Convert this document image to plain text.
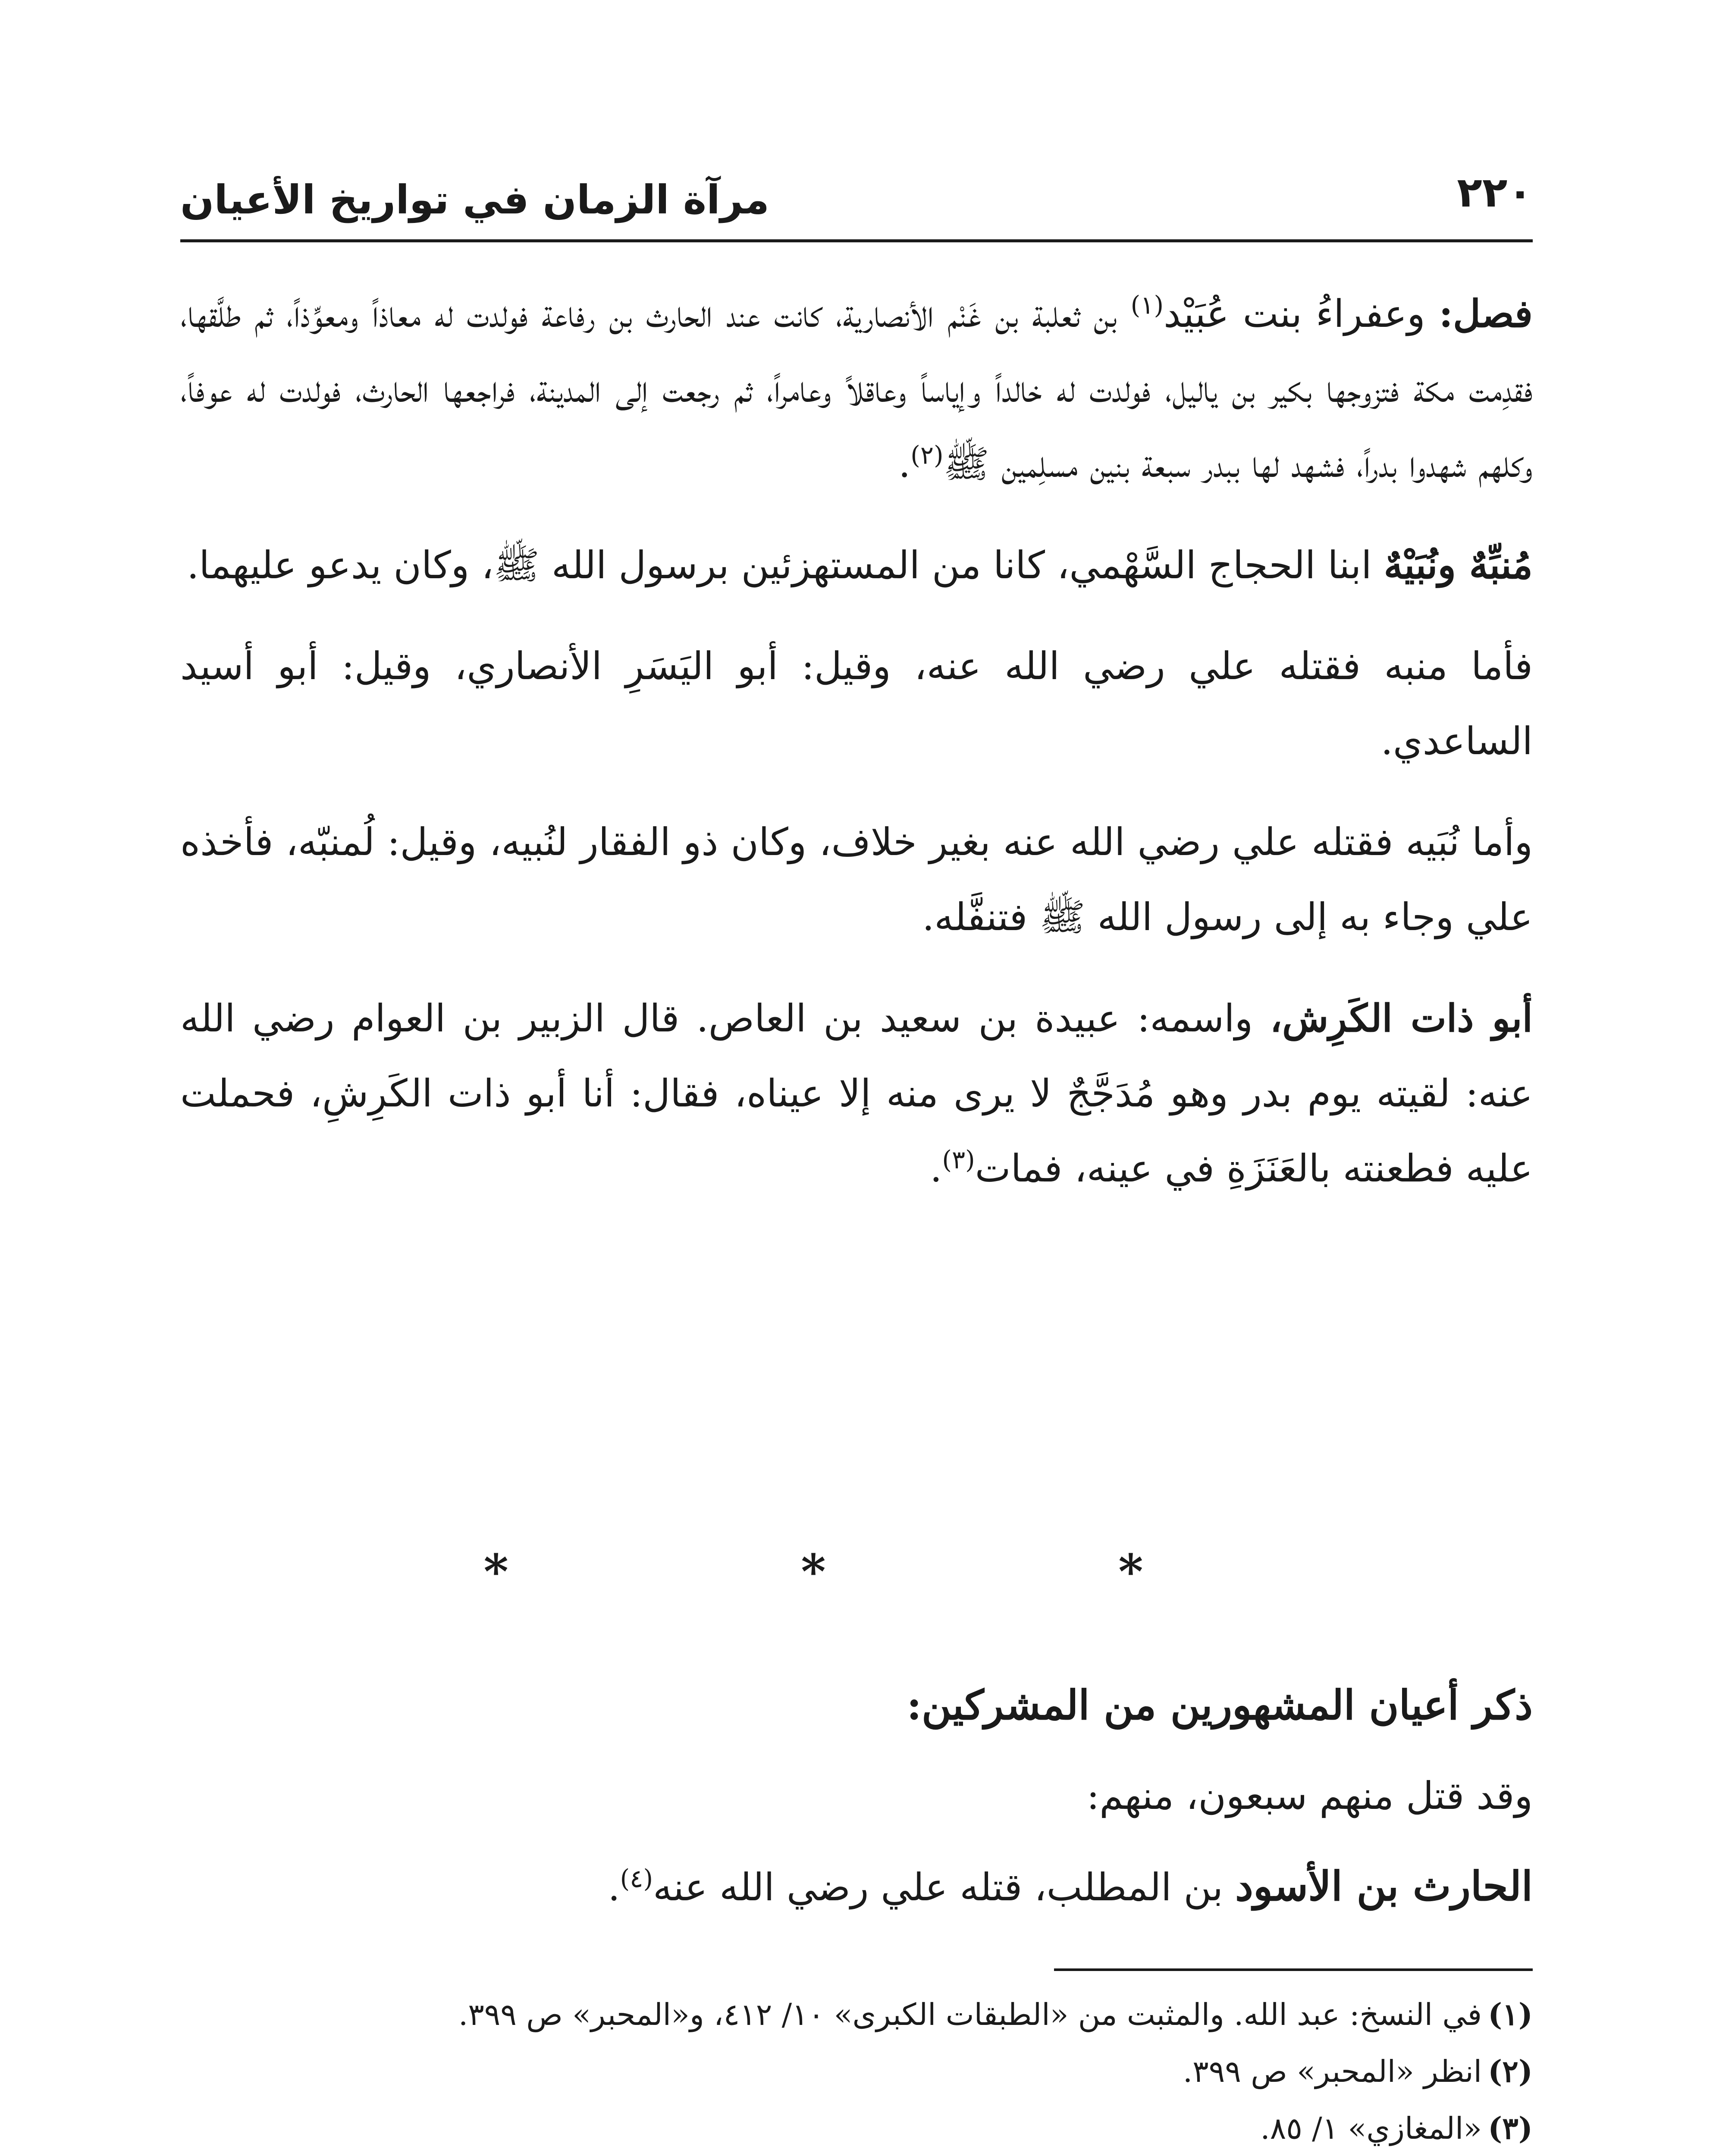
٢٢٠
مرآة الزمان في تواريخ الأعيان

فصل: وعفراءُ بنت عُبَيْد$^{(١)}$ بن ثعلبة بن غَنْم الأنصارية، كانت عند الحارث بن رفاعة فولدت له معاذاً ومعوِّذاً، ثم طلَّقها، فقدِمت مكة فتزوجها بكير بن ياليل، فولدت له خالداً وإياساً وعاقلاً وعامراً، ثم رجعت إلى المدينة، فراجعها الحارث، فولدت له عوفاً، وكلهم شهدوا بدراً، فشهد لها ببدر سبعة بنين مسلِمين ﷺ$^{(٢)}$.

مُنبِّهٌ ونُبَيْهٌ ابنا الحجاج السَّهْمي، كانا من المستهزئين برسول الله ﷺ، وكان يدعو عليهما.

فأما منبه فقتله علي رضي الله عنه، وقيل: أبو اليَسَرِ الأنصاري، وقيل: أبو أسيد الساعدي.

وأما نُبَيه فقتله علي رضي الله عنه بغير خلاف، وكان ذو الفقار لنُبيه، وقيل: لُمنبّه، فأخذه علي وجاء به إلى رسول الله ﷺ فتنفَّله.

أبو ذات الكَرِش، واسمه: عبيدة بن سعيد بن العاص. قال الزبير بن العوام رضي الله عنه: لقيته يوم بدر وهو مُدَجَّجٌ لا يرى منه إلا عيناه، فقال: أنا أبو ذات الكَرِشِ، فحملت عليه فطعنته بالعَنَزَةِ في عينه، فمات$^{(٣)}$.

*	*	*

ذكر أعيان المشهورين من المشركين:

وقد قتل منهم سبعون، منهم:

الحارث بن الأسود بن المطلب، قتله علي رضي الله عنه$^{(٤)}$.

(١)في النسخ: عبد الله. والمثبت من «الطبقات الكبرى» ١٠/ ٤١٢، و«المحبر» ص ٣٩٩.

(٢)انظر «المحبر» ص ٣٩٩.

(٣)«المغازي» ١/ ٨٥.
